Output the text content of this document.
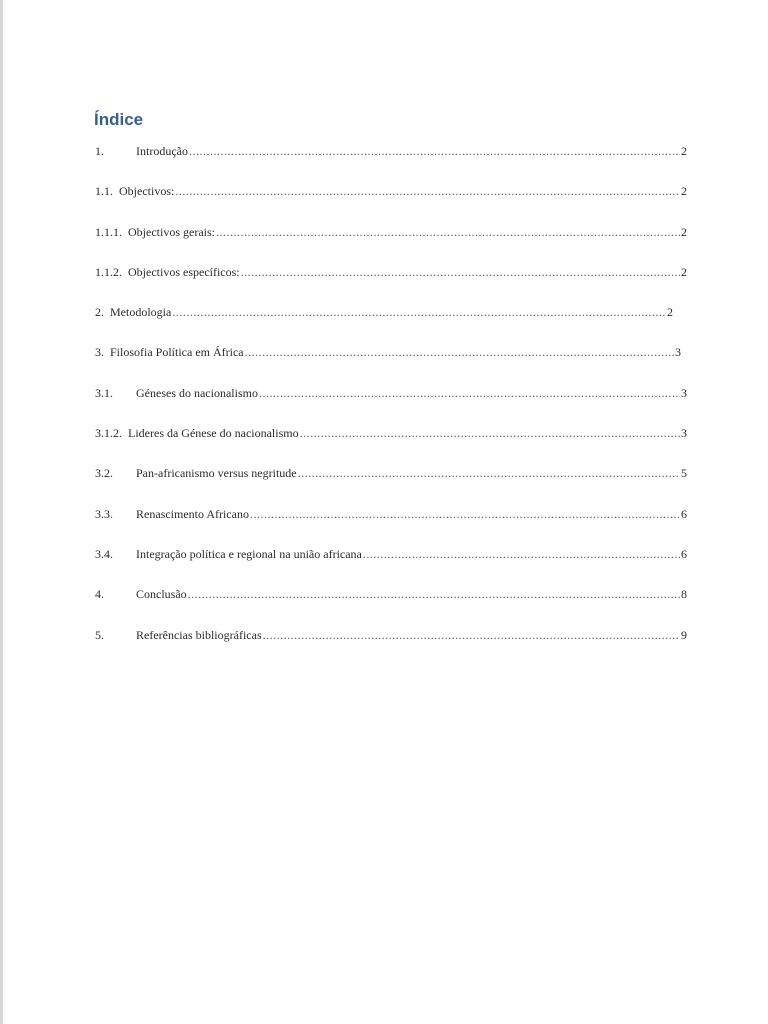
Índice
1.	Introdução .....	2
1.1. Objectivos: .....	2
1.1.1. Objectivos gerais: .....	2
1.1.2. Objectivos específicos: .....	2
2. Metodologia .....	2
3. Filosofia Política em África .....	3
3.1.	Géneses do nacionalismo .....	3
3.1.2. Lideres da Génese do nacionalismo .....	3
3.2.	Pan-africanismo versus negritude .....	5
3.3.	Renascimento Africano .....	6
3.4.	Integração política e regional na união africana .....	6
4.	Conclusão .....	8
5.	Referências bibliográficas .....	9
